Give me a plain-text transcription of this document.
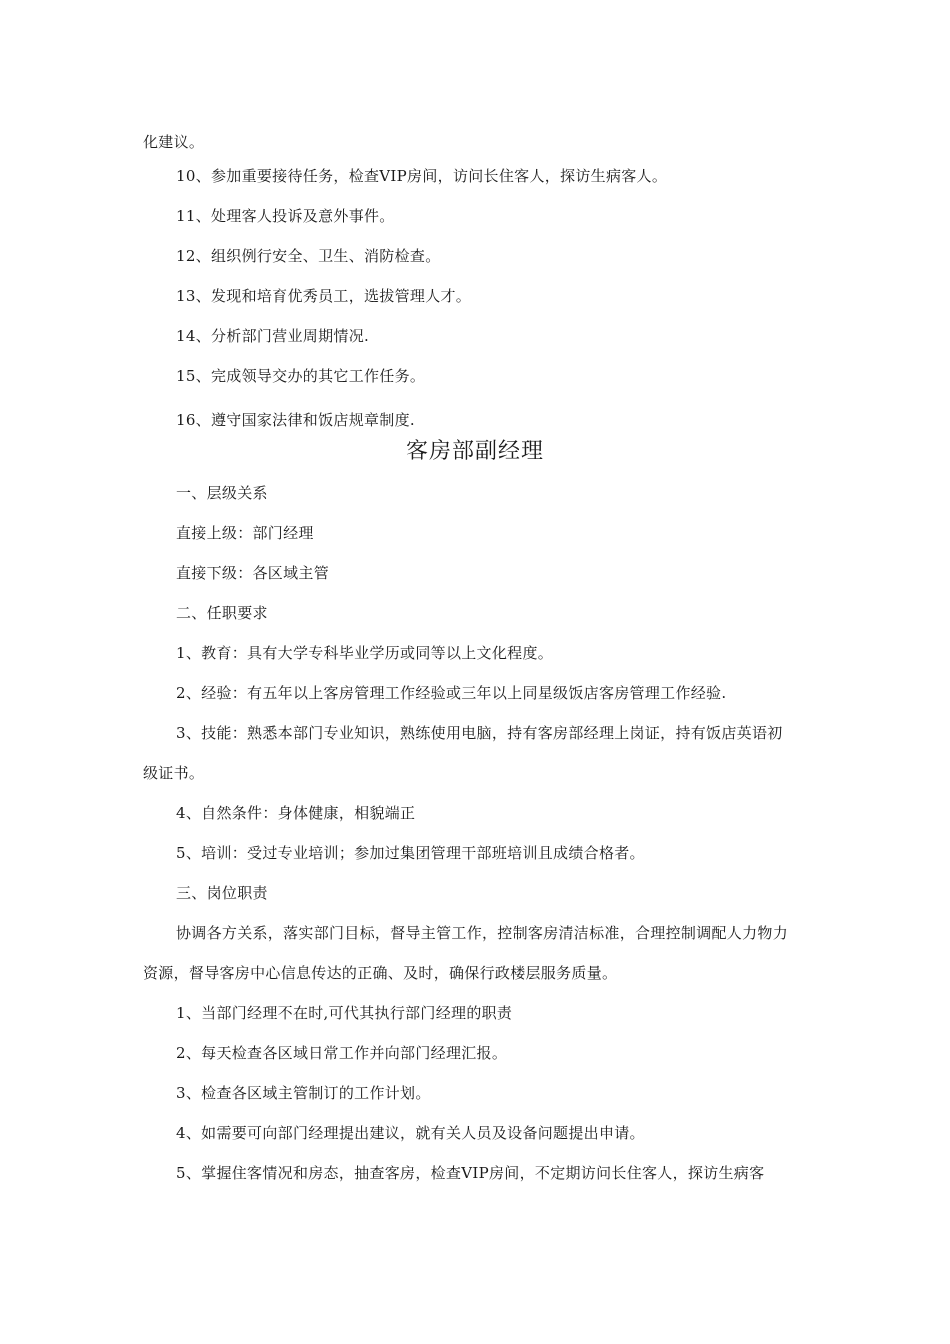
化建议。
10、参加重要接待任务，检查VIP房间，访问长住客人，探访生病客人。
11、处理客人投诉及意外事件。
12、组织例行安全、卫生、消防检查。
13、发现和培育优秀员工，选拔管理人才。
14、分析部门营业周期情况.
15、完成领导交办的其它工作任务。
16、遵守国家法律和饭店规章制度.
客房部副经理
一、层级关系
直接上级：部门经理
直接下级：各区域主管
二、任职要求
1、教育：具有大学专科毕业学历或同等以上文化程度。
2、经验：有五年以上客房管理工作经验或三年以上同星级饭店客房管理工作经验.
3、技能：熟悉本部门专业知识，熟练使用电脑，持有客房部经理上岗证，持有饭店英语初
级证书。
4、自然条件：身体健康，相貌端正
5、培训：受过专业培训；参加过集团管理干部班培训且成绩合格者。
三、岗位职责
协调各方关系，落实部门目标，督导主管工作，控制客房清洁标准，合理控制调配人力物力
资源，督导客房中心信息传达的正确、及时，确保行政楼层服务质量。
1、当部门经理不在时,可代其执行部门经理的职责
2、每天检查各区域日常工作并向部门经理汇报。
3、检查各区域主管制订的工作计划。
4、如需要可向部门经理提出建议，就有关人员及设备问题提出申请。
5、掌握住客情况和房态，抽查客房，检查VIP房间，不定期访问长住客人，探访生病客
